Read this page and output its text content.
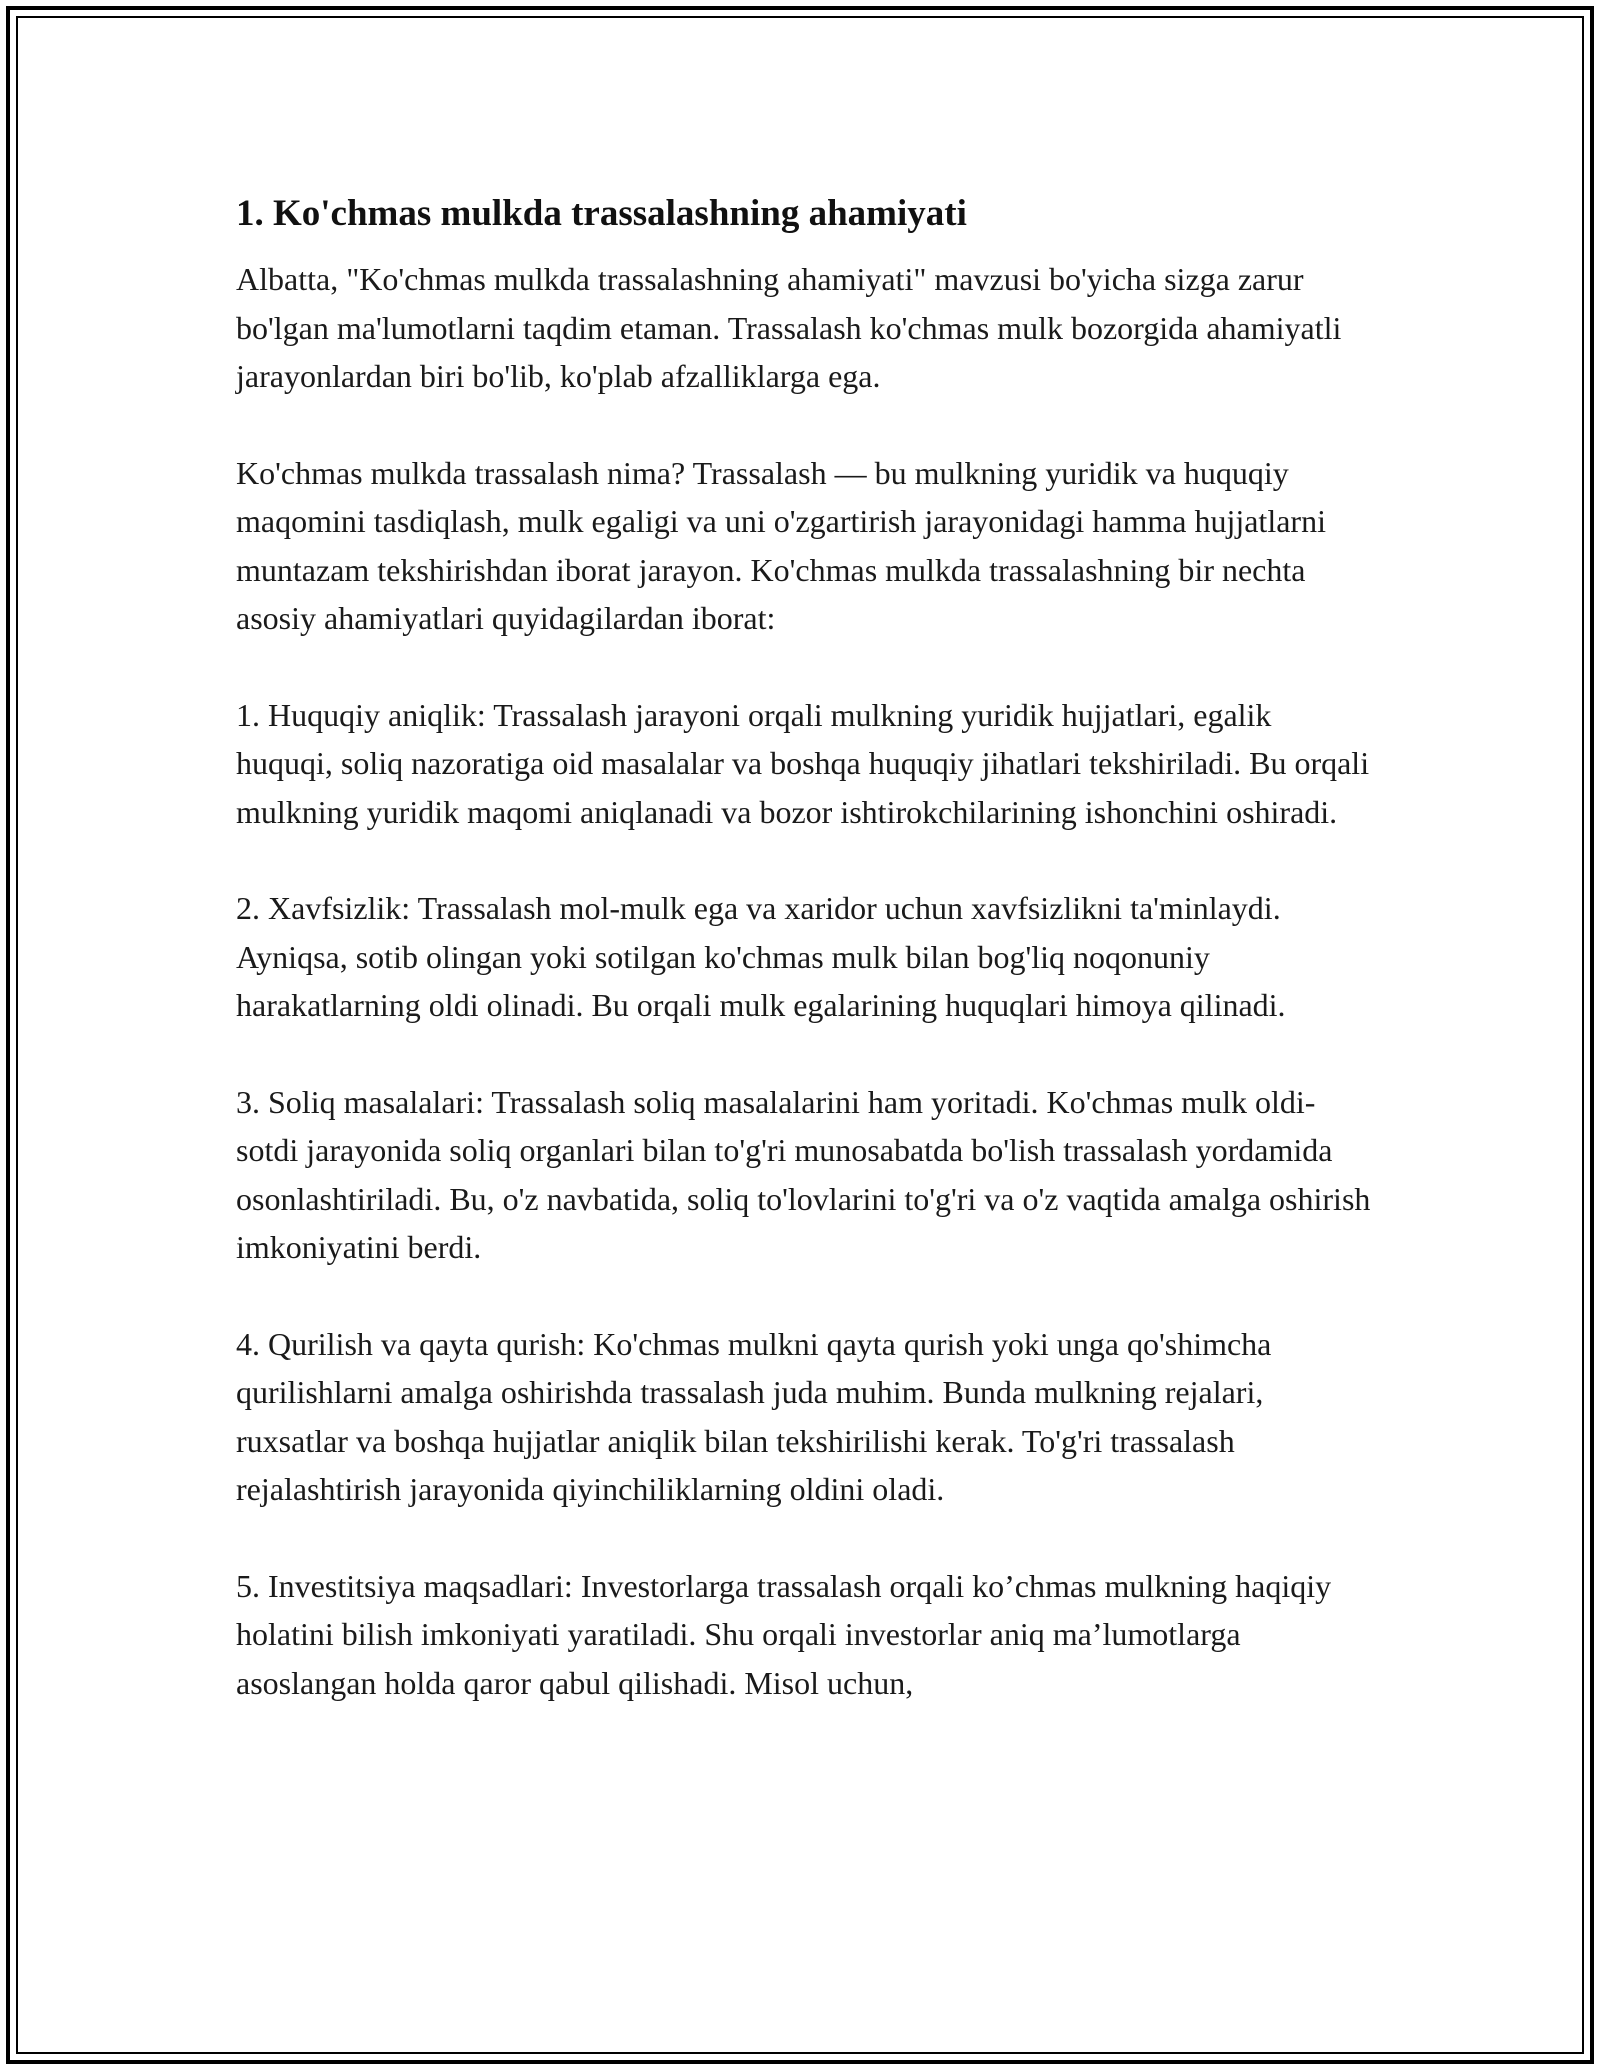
1. Ko'chmas mulkda trassalashning ahamiyati

Albatta, "Ko'chmas mulkda trassalashning ahamiyati" mavzusi bo'yicha sizga zarur bo'lgan ma'lumotlarni taqdim etaman. Trassalash ko'chmas mulk bozorgida ahamiyatli jarayonlardan biri bo'lib, ko'plab afzalliklarga ega.

Ko'chmas mulkda trassalash nima? Trassalash — bu mulkning yuridik va huquqiy maqomini tasdiqlash, mulk egaligi va uni o'zgartirish jarayonidagi hamma hujjatlarni muntazam tekshirishdan iborat jarayon. Ko'chmas mulkda trassalashning bir nechta asosiy ahamiyatlari quyidagilardan iborat:

1. Huquqiy aniqlik: Trassalash jarayoni orqali mulkning yuridik hujjatlari, egalik huquqi, soliq nazoratiga oid masalalar va boshqa huquqiy jihatlari tekshiriladi. Bu orqali mulkning yuridik maqomi aniqlanadi va bozor ishtirokchilarining ishonchini oshiradi.

2. Xavfsizlik: Trassalash mol-mulk ega va xaridor uchun xavfsizlikni ta'minlaydi. Ayniqsa, sotib olingan yoki sotilgan ko'chmas mulk bilan bog'liq noqonuniy harakatlarning oldi olinadi. Bu orqali mulk egalarining huquqlari himoya qilinadi.

3. Soliq masalalari: Trassalash soliq masalalarini ham yoritadi. Ko'chmas mulk oldi-sotdi jarayonida soliq organlari bilan to'g'ri munosabatda bo'lish trassalash yordamida osonlashtiriladi. Bu, o'z navbatida, soliq to'lovlarini to'g'ri va o'z vaqtida amalga oshirish imkoniyatini berdi.

4. Qurilish va qayta qurish: Ko'chmas mulkni qayta qurish yoki unga qo'shimcha qurilishlarni amalga oshirishda trassalash juda muhim. Bunda mulkning rejalari, ruxsatlar va boshqa hujjatlar aniqlik bilan tekshirilishi kerak. To'g'ri trassalash rejalashtirish jarayonida qiyinchiliklarning oldini oladi.

5. Investitsiya maqsadlari: Investorlarga trassalash orqali ko’chmas mulkning haqiqiy holatini bilish imkoniyati yaratiladi. Shu orqali investorlar aniq ma’lumotlarga asoslangan holda qaror qabul qilishadi. Misol uchun,
